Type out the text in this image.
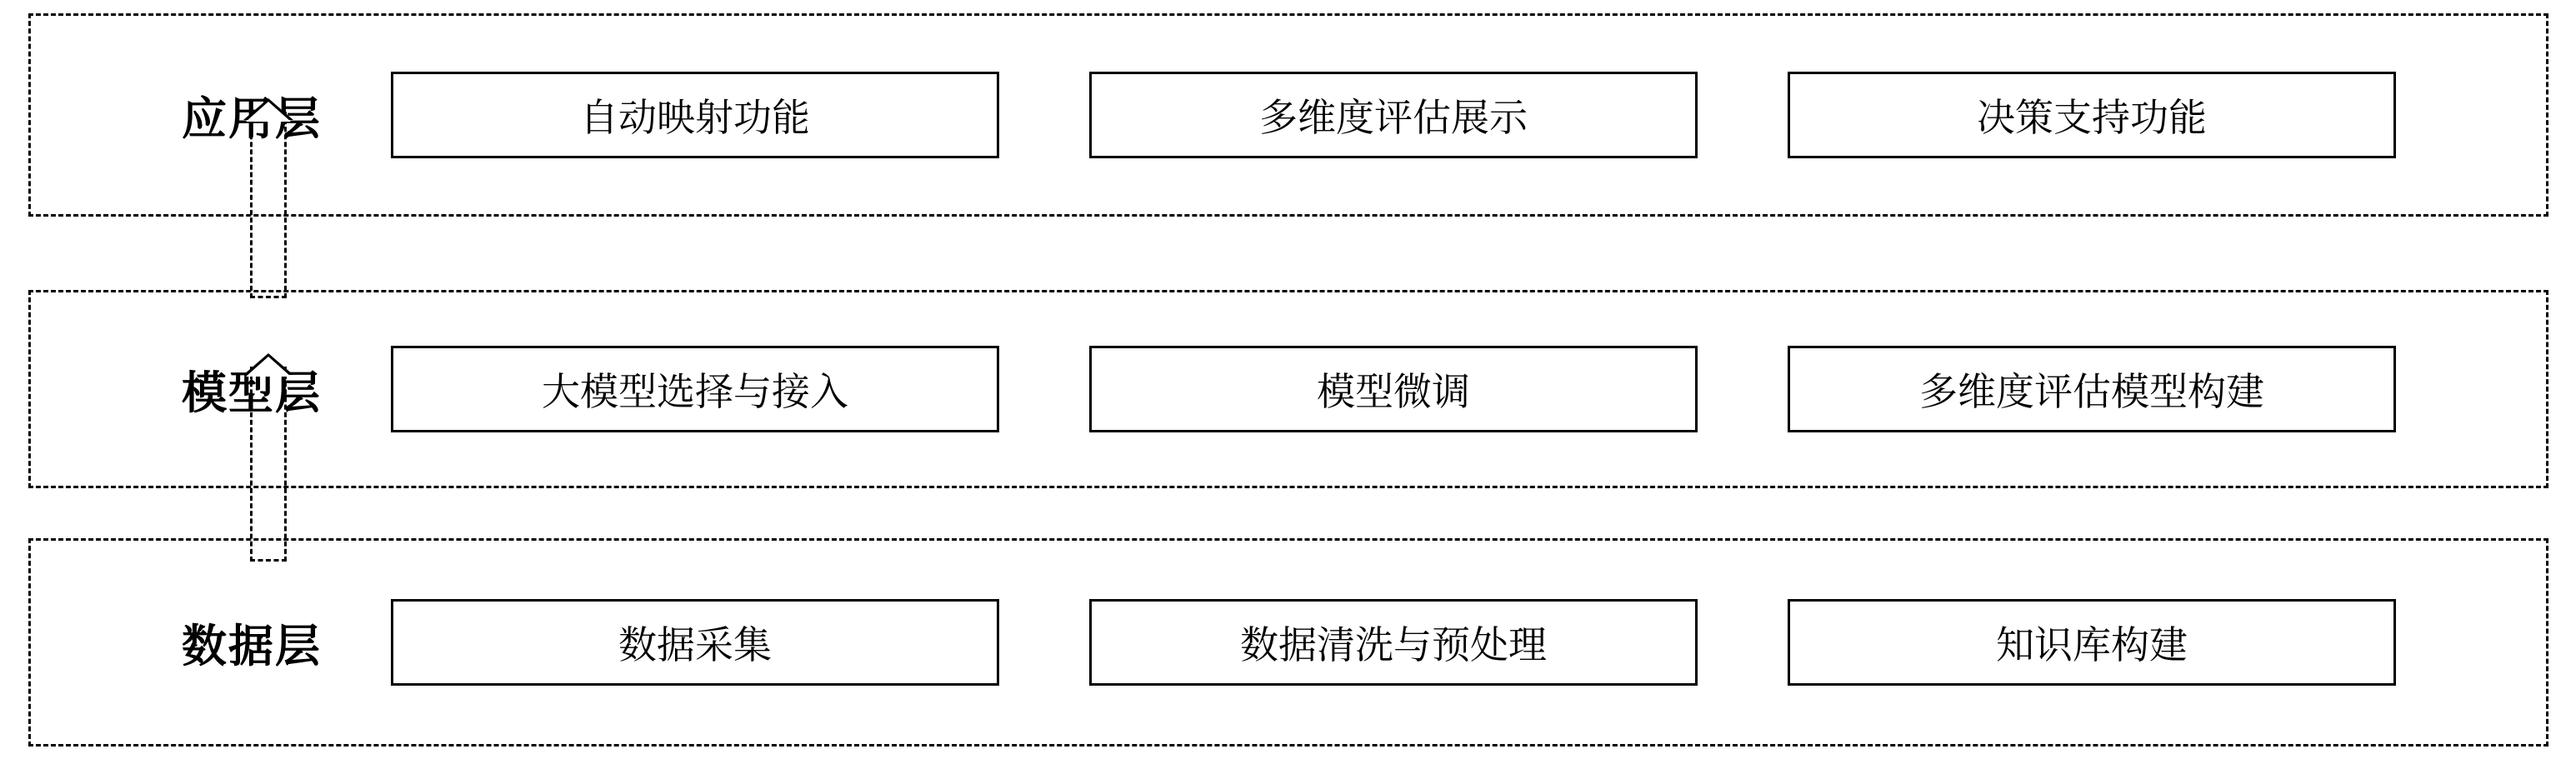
应用层	自动映射功能	多维度评估展示	决策支持功能
模型层	大模型选择与接入	模型微调	多维度评估模型构建
数据层	数据采集	数据清洗与预处理	知识库构建
